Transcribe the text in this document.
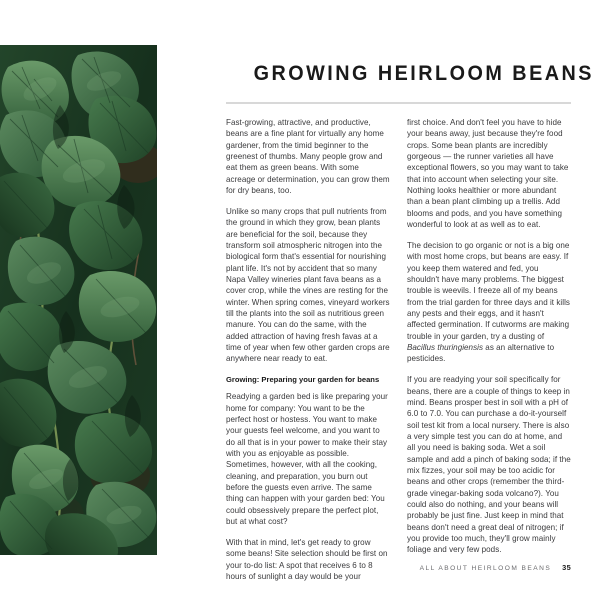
GROWING HEIRLOOM BEANS

Fast-growing, attractive, and productive, beans are a fine plant for virtually any home gardener, from the timid beginner to the greenest of thumbs. Many people grow and eat them as green beans. With some acreage or determination, you can grow them for dry beans, too.

Unlike so many crops that pull nutrients from the ground in which they grow, bean plants are beneficial for the soil, because they transform soil atmospheric nitrogen into the biological form that's essential for nourishing plant life. It's not by accident that so many Napa Valley wineries plant fava beans as a cover crop, while the vines are resting for the winter. When spring comes, vineyard workers till the plants into the soil as nutritious green manure. You can do the same, with the added attraction of having fresh favas at a time of year when few other garden crops are anywhere near ready to eat.

Growing: Preparing your garden for beans

Readying a garden bed is like preparing your home for company: You want to be the perfect host or hostess. You want to make your guests feel welcome, and you want to do all that is in your power to make their stay with you as enjoyable as possible. Sometimes, however, with all the cooking, cleaning, and preparation, you burn out before the guests even arrive. The same thing can happen with your garden bed: You could obsessively prepare the perfect plot, but at what cost?

With that in mind, let's get ready to grow some beans! Site selection should be first on your to-do list: A spot that receives 6 to 8 hours of sunlight a day would be your

first choice. And don't feel you have to hide your beans away, just because they're food crops. Some bean plants are incredibly gorgeous — the runner varieties all have exceptional flowers, so you may want to take that into account when selecting your site. Nothing looks healthier or more abundant than a bean plant climbing up a trellis. Add blooms and pods, and you have something wonderful to look at as well as to eat.

The decision to go organic or not is a big one with most home crops, but beans are easy. If you keep them watered and fed, you shouldn't have many problems. The biggest trouble is weevils. I freeze all of my beans from the trial garden for three days and it kills any pests and their eggs, and it hasn't affected germination. If cutworms are making trouble in your garden, try a dusting of Bacillus thuringiensis as an alternative to pesticides.

If you are readying your soil specifically for beans, there are a couple of things to keep in mind. Beans prosper best in soil with a pH of 6.0 to 7.0. You can purchase a do-it-yourself soil test kit from a local nursery. There is also a very simple test you can do at home, and all you need is baking soda. Wet a soil sample and add a pinch of baking soda; if the mix fizzes, your soil may be too acidic for beans and other crops (remember the third-grade vinegar-baking soda volcano?). You could also do nothing, and your beans will probably be just fine. Just keep in mind that beans don't need a great deal of nitrogen; if you provide too much, they'll grow mainly foliage and very few pods.

ALL ABOUT HEIRLOOM BEANS 35
